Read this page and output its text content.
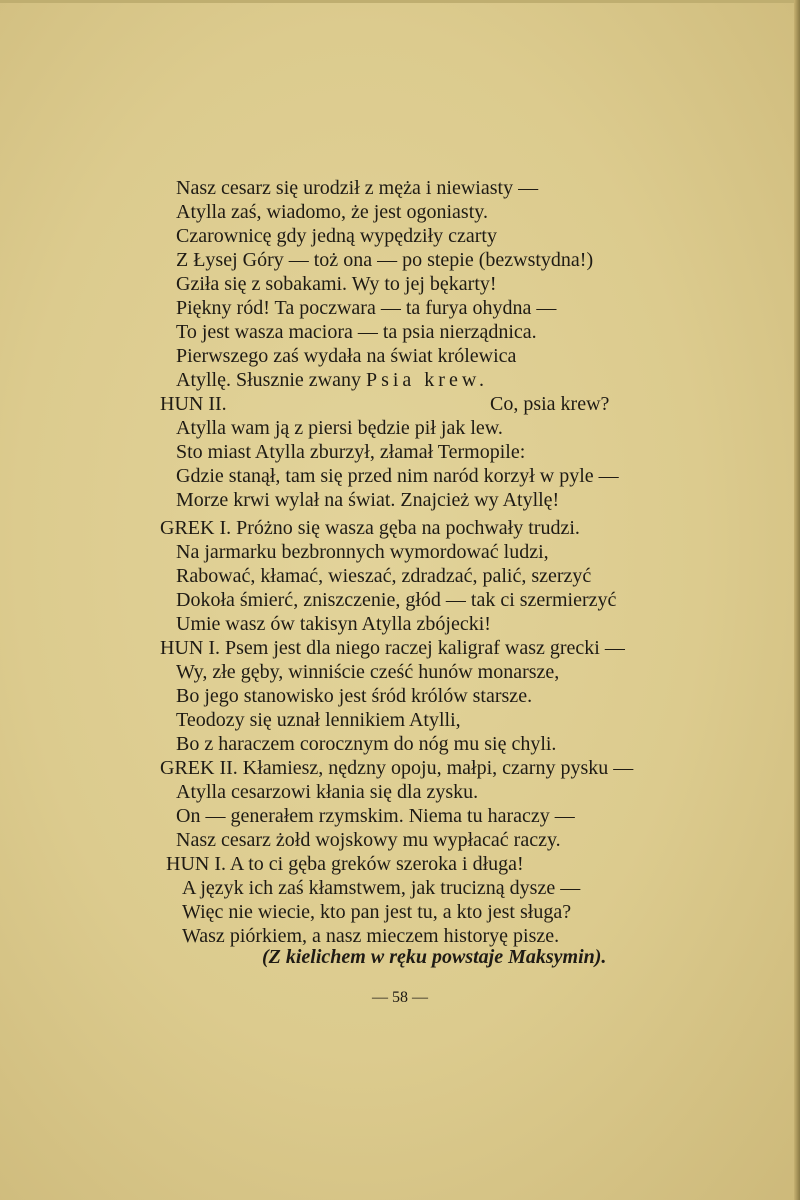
Nasz cesarz się urodził z męża i niewiasty —
Atylla zaś, wiadomo, że jest ogoniasty.
Czarownicę gdy jedną wypędziły czarty
Z Łysej Góry — toż ona — po stepie (bezwstydna!)
Gziła się z sobakami. Wy to jej bękarty!
Piękny ród! Ta poczwara — ta furya ohydna —
To jest wasza maciora — ta psia nierządnica.
Pierwszego zaś wydała na świat królewica
Atyllę. Słusznie zwany Psia krew.
HUN II.	Co, psia krew?
Atylla wam ją z piersi będzie pił jak lew.
Sto miast Atylla zburzył, złamał Termopile:
Gdzie stanął, tam się przed nim naród korzył w pyle —
Morze krwi wylał na świat. Znajcież wy Atyllę!
GREK I. Próżno się wasza gęba na pochwały trudzi.
Na jarmarku bezbronnych wymordować ludzi,
Rabować, kłamać, wieszać, zdradzać, palić, szerzyć
Dokoła śmierć, zniszczenie, głód — tak ci szermierzyć
Umie wasz ów takisyn Atylla zbójecki!
HUN I. Psem jest dla niego raczej kaligraf wasz grecki —
Wy, złe gęby, winniście cześć hunów monarsze,
Bo jego stanowisko jest śród królów starsze.
Teodozy się uznał lennikiem Atylli,
Bo z haraczem corocznym do nóg mu się chyli.
GREK II. Kłamiesz, nędzny opoju, małpi, czarny pysku —
Atylla cesarzowi kłania się dla zysku.
On — generałem rzymskim. Niema tu haraczy —
Nasz cesarz żołd wojskowy mu wypłacać raczy.
HUN I. A to ci gęba greków szeroka i długa!
A język ich zaś kłamstwem, jak trucizną dysze —
Więc nie wiecie, kto pan jest tu, a kto jest sługa?
Wasz piórkiem, a nasz mieczem historyę pisze.
(Z kielichem w ręku powstaje Maksymin).
— 58 —
